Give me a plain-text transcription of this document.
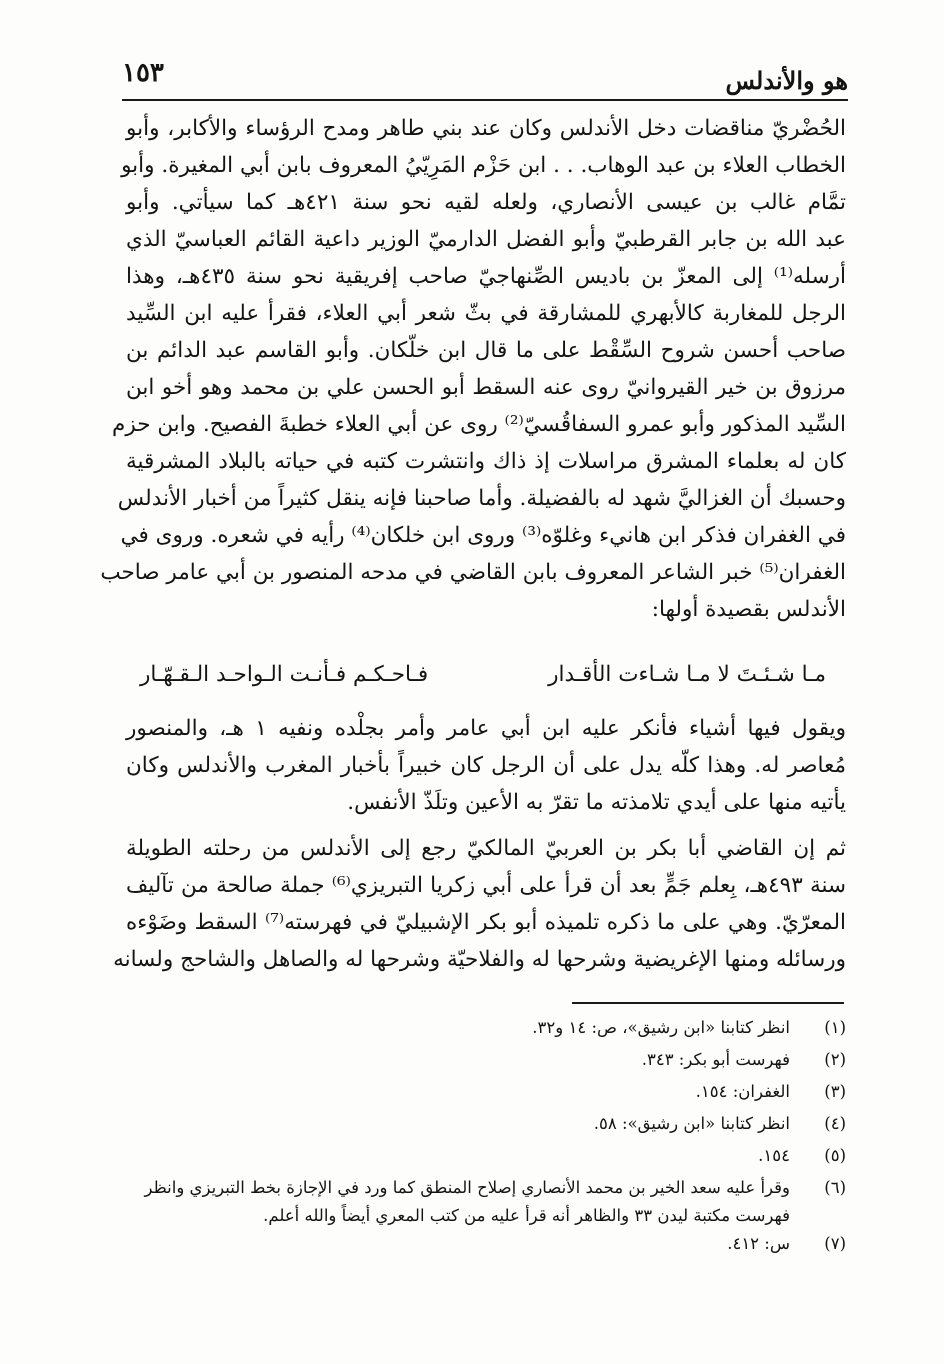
١٥٣	هو والأندلس
الحُضْريّ مناقضات دخل الأندلس وكان عند بني طاهر ومدح الرؤساء والأكابر، وأبو
الخطاب العلاء بن عبد الوهاب. . . ابن حَزْم المَرِيّيُ المعروف بابن أبي المغيرة. وأبو
تمَّام غالب بن عيسى الأنصاري، ولعله لقيه نحو سنة ٤٢١هـ كما سيأتي. وأبو
عبد الله بن جابر القرطبيّ وأبو الفضل الدارميّ الوزير داعية القائم العباسيّ الذي
أرسله⁽¹⁾ إلى المعزّ بن باديس الصِّنهاجيّ صاحب إفريقية نحو سنة ٤٣٥هـ، وهذا
الرجل للمغاربة كالأبهري للمشارقة في بثّ شعر أبي العلاء، فقرأ عليه ابن السِّيد
صاحب أحسن شروح السِّقْط على ما قال ابن خلّكان. وأبو القاسم عبد الدائم بن
مرزوق بن خير القيروانيّ روى عنه السقط أبو الحسن علي بن محمد وهو أخو ابن
السِّيد المذكور وأبو عمرو السفاقُسيّ⁽²⁾ روى عن أبي العلاء خطبةَ الفصيح. وابن حزم
كان له بعلماء المشرق مراسلات إذ ذاك وانتشرت كتبه في حياته بالبلاد المشرقية
وحسبك أن الغزاليَّ شهد له بالفضيلة. وأما صاحبنا فإنه ينقل كثيراً من أخبار الأندلس
في الغفران فذكر ابن هانيء وغلوّه⁽³⁾ وروى ابن خلكان⁽⁴⁾ رأيه في شعره. وروى في
الغفران⁽⁵⁾ خبر الشاعر المعروف بابن القاضي في مدحه المنصور بن أبي عامر صاحب
الأندلس بقصيدة أولها:
مـا شـئـتَ لا مـا شـاءت الأقـدار
فـاحـكـم فـأنـت الـواحـد الـقـهّـار
ويقول فيها أشياء فأنكر عليه ابن أبي عامر وأمر بجلْده ونفيه ١ هـ، والمنصور
مُعاصر له. وهذا كلّه يدل على أن الرجل كان خبيراً بأخبار المغرب والأندلس وكان
يأتيه منها على أيدي تلامذته ما تقرّ به الأعين وتلَذّ الأنفس.
ثم إن القاضي أبا بكر بن العربيّ المالكيّ رجع إلى الأندلس من رحلته الطويلة
سنة ٤٩٣هـ، بِعلم جَمٍّ بعد أن قرأ على أبي زكريا التبريزي⁽⁶⁾ جملة صالحة من تآليف
المعرّيّ. وهي على ما ذكره تلميذه أبو بكر الإشبيليّ في فهرسته⁽⁷⁾ السقط وضَوْءه
ورسائله ومنها الإغريضية وشرحها له والفلاحيّة وشرحها له والصاهل والشاحج ولسانه
(١)
انظر كتابنا «ابن رشيق»، ص: ١٤ و٣٢.
(٢)
فهرست أبو بكر: ٣٤٣.
(٣)
الغفران: ١٥٤.
(٤)
انظر كتابنا «ابن رشيق»: ٥٨.
(٥)
١٥٤.
(٦)
وقرأ عليه سعد الخير بن محمد الأنصاري إصلاح المنطق كما ورد في الإجازة بخط التبريزي وانظر
فهرست مكتبة ليدن ٣٣ والظاهر أنه قرأ عليه من كتب المعري أيضاً والله أعلم.
(٧)
س: ٤١٢.
